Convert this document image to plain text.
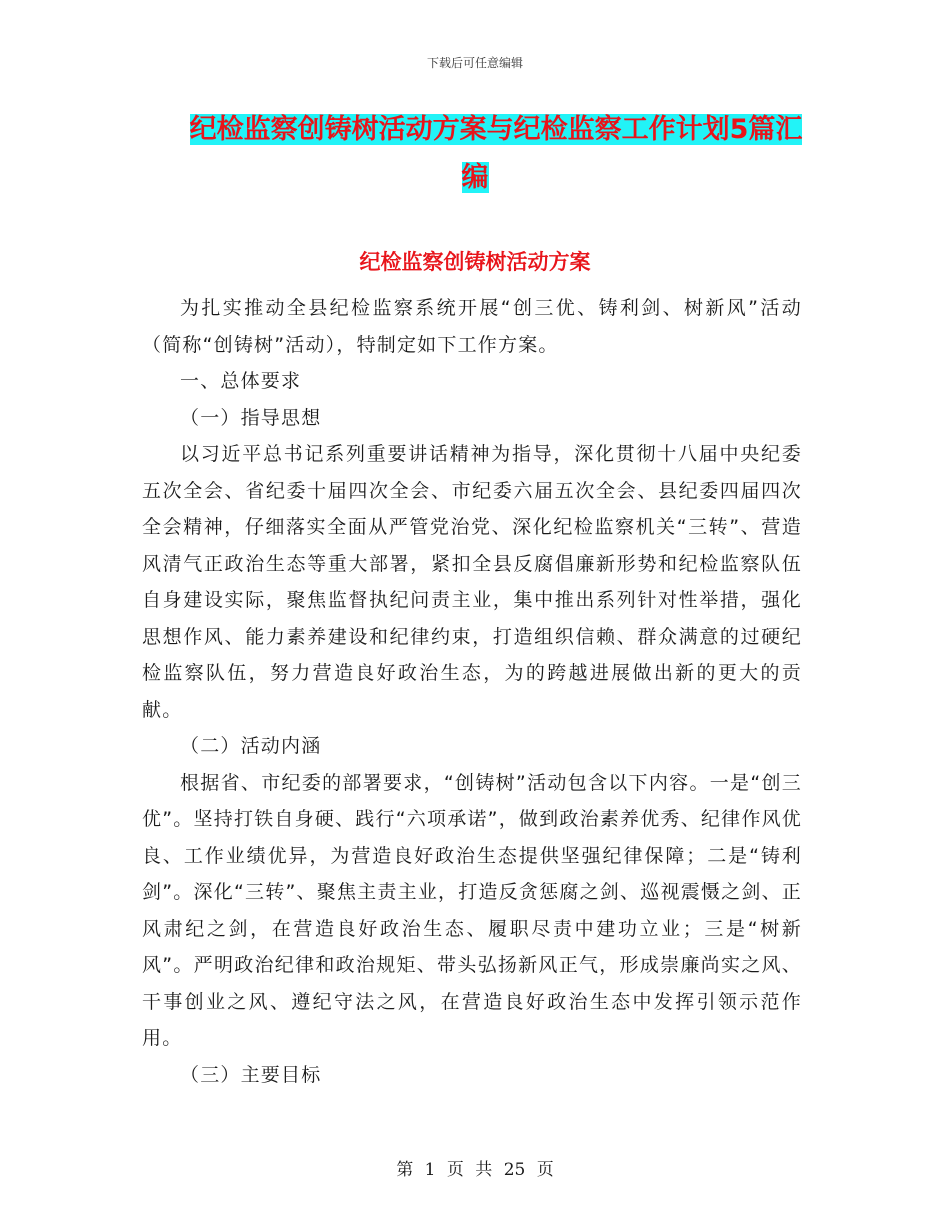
下载后可任意编辑
纪检监察创铸树活动方案与纪检监察工作计划5篇汇
编
纪检监察创铸树活动方案

为扎实推动全县纪检监察系统开展“创三优、铸利剑、树新风”活动（简称“创铸树”活动），特制定如下工作方案。

一、总体要求

（一）指导思想

以习近平总书记系列重要讲话精神为指导，深化贯彻十八届中央纪委五次全会、省纪委十届四次全会、市纪委六届五次全会、县纪委四届四次全会精神，仔细落实全面从严管党治党、深化纪检监察机关“三转”、营造风清气正政治生态等重大部署，紧扣全县反腐倡廉新形势和纪检监察队伍自身建设实际，聚焦监督执纪问责主业，集中推出系列针对性举措，强化思想作风、能力素养建设和纪律约束，打造组织信赖、群众满意的过硬纪检监察队伍，努力营造良好政治生态，为的跨越进展做出新的更大的贡献。

（二）活动内涵

根据省、市纪委的部署要求，“创铸树”活动包含以下内容。一是“创三优”。坚持打铁自身硬、践行“六项承诺”，做到政治素养优秀、纪律作风优良、工作业绩优异，为营造良好政治生态提供坚强纪律保障；二是“铸利剑”。深化“三转”、聚焦主责主业，打造反贪惩腐之剑、巡视震慑之剑、正风肃纪之剑，在营造良好政治生态、履职尽责中建功立业；三是“树新风”。严明政治纪律和政治规矩、带头弘扬新风正气，形成崇廉尚实之风、干事创业之风、遵纪守法之风，在营造良好政治生态中发挥引领示范作用。

（三）主要目标

第 1 页 共 25 页
